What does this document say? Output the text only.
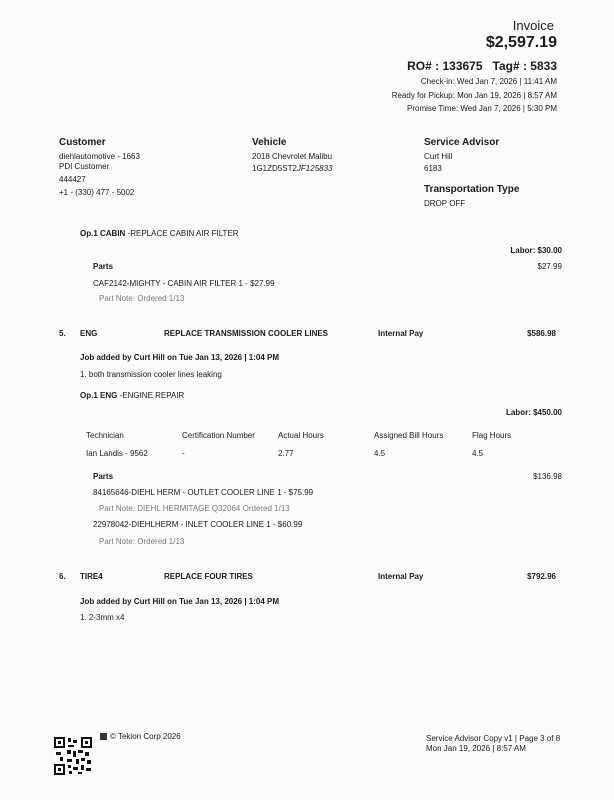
Invoice
$2,597.19
RO# : 133675   Tag# : 5833
Check-in: Wed Jan 7, 2026 | 11:41 AM
Ready for Pickup: Mon Jan 19, 2026 | 8:57 AM
Promise Time: Wed Jan 7, 2026 | 5:30 PM
Customer
diehlautomotive - 1663
PDI Customer
444427
+1 - (330) 477 - 5002
Vehicle
2018 Chevrolet Malibu
1G1ZD5ST2JF125833
Service Advisor
Curt Hill
6183
Transportation Type
DROP OFF
Op.1 CABIN -REPLACE CABIN AIR FILTER
Labor: $30.00
Parts	$27.99
CAF2142-MIGHTY - CABIN AIR FILTER 1 - $27.99
Part Note: Ordered 1/13
5. ENG	REPLACE TRANSMISSION COOLER LINES	Internal Pay	$586.98
Job added by Curt Hill on Tue Jan 13, 2026 | 1:04 PM
1. both transmission cooler lines leaking
Op.1 ENG -ENGINE REPAIR
Labor: $450.00
Technician	Certification Number	Actual Hours	Assigned Bill Hours	Flag Hours
Ian Landis - 9562	-	2.77	4.5	4.5
Parts	$136.98
84165646-DIEHL HERM - OUTLET COOLER LINE 1 - $75.99
Part Note: DIEHL HERMITAGE Q32064 Ordered 1/13
22978042-DIEHLHERM - INLET COOLER LINE 1 - $60.99
Part Note: Ordered 1/13
6. TIRE4	REPLACE FOUR TIRES	Internal Pay	$792.96
Job added by Curt Hill on Tue Jan 13, 2026 | 1:04 PM
1. 2-3mm x4
© Tekion Corp 2026	Service Advisor Copy v1 | Page 3 of 8
Mon Jan 19, 2026 | 8:57 AM
